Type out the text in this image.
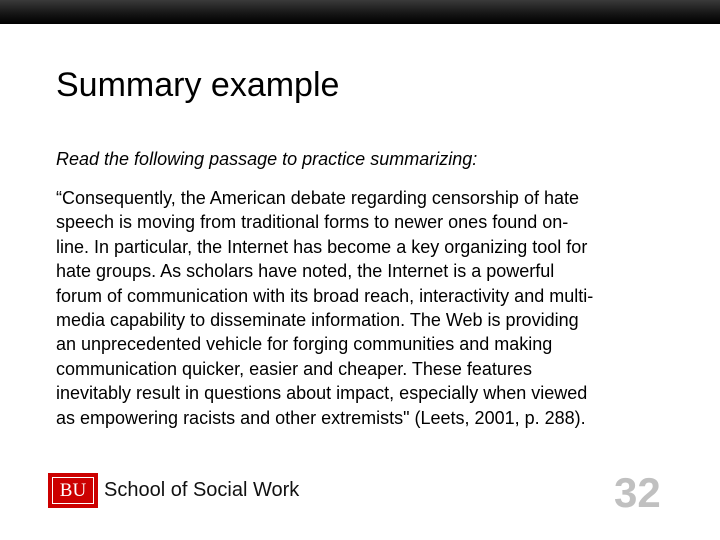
Summary example
Read the following passage to practice summarizing:

“Consequently, the American debate regarding censorship of hate
speech is moving from traditional forms to newer ones found on-
line. In particular, the Internet has become a key organizing tool for
hate groups. As scholars have noted, the Internet is a powerful
forum of communication with its broad reach, interactivity and multi-
media capability to disseminate information. The Web is providing
an unprecedented vehicle for forging communities and making
communication quicker, easier and cheaper. These features
inevitably result in questions about impact, especially when viewed
as empowering racists and other extremists" (Leets, 2001, p. 288).

BU School of Social Work	32
